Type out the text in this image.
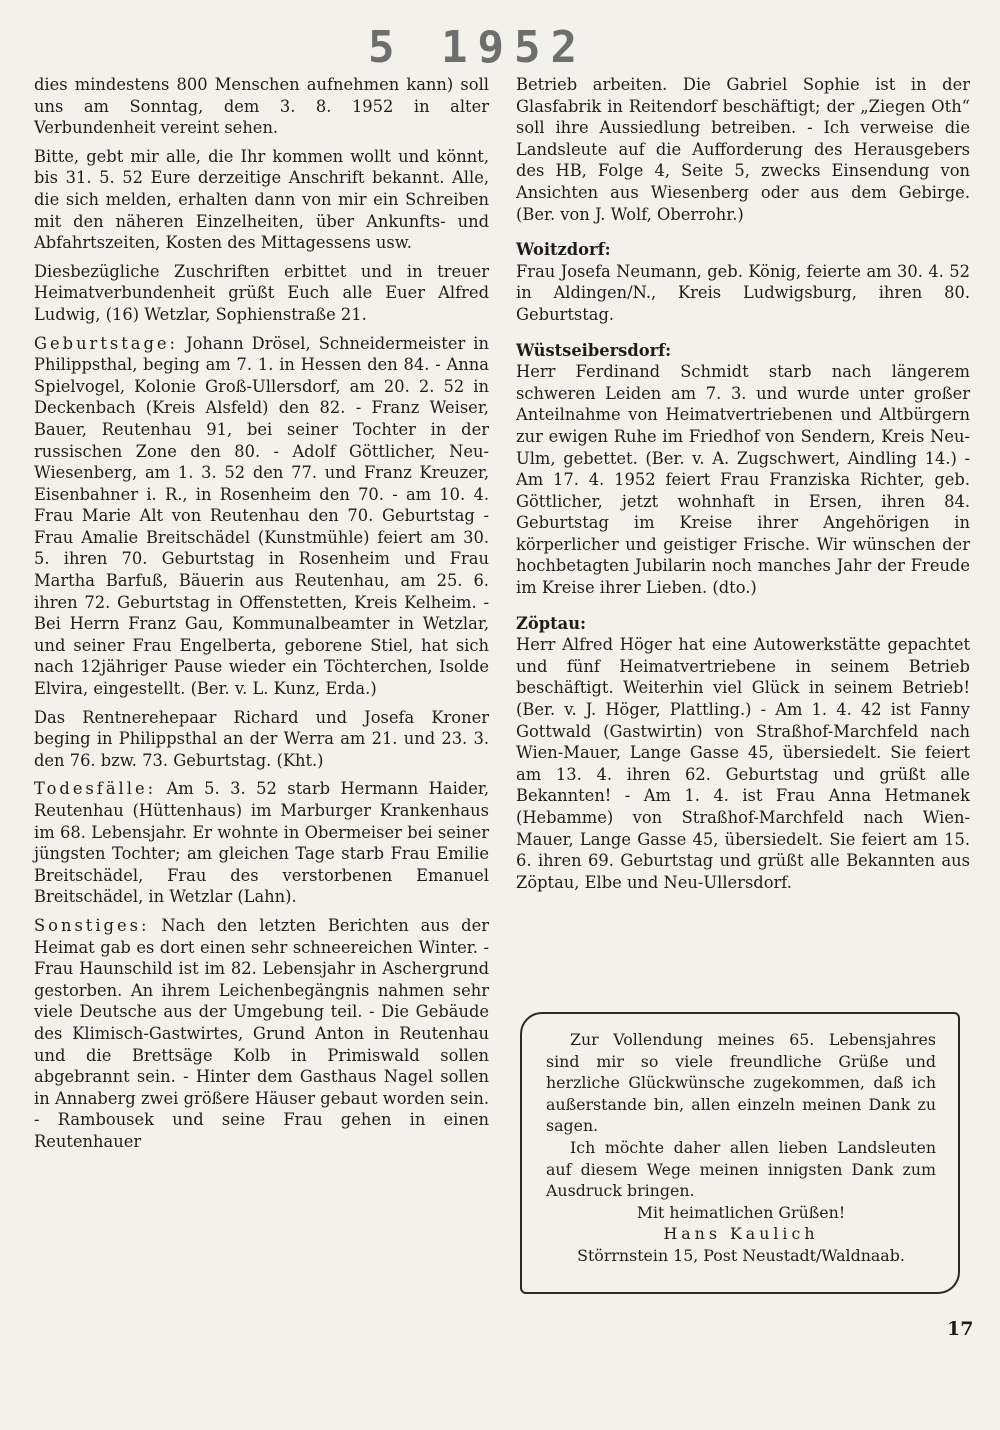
5 1952

dies mindestens 800 Menschen aufnehmen kann) soll uns am Sonntag, dem 3. 8. 1952 in alter Verbundenheit vereint sehen.

Bitte, gebt mir alle, die Ihr kommen wollt und könnt, bis 31. 5. 52 Eure derzeitige Anschrift bekannt. Alle, die sich melden, erhalten dann von mir ein Schreiben mit den näheren Einzelheiten, über Ankunfts- und Abfahrtszeiten, Kosten des Mittagessens usw.

Diesbezügliche Zuschriften erbittet und in treuer Heimatverbundenheit grüßt Euch alle Euer Alfred Ludwig, (16) Wetzlar, Sophienstraße 21.

Geburtstage: Johann Drösel, Schneidermeister in Philippsthal, beging am 7. 1. in Hessen den 84. - Anna Spielvogel, Kolonie Groß-Ullersdorf, am 20. 2. 52 in Deckenbach (Kreis Alsfeld) den 82. - Franz Weiser, Bauer, Reutenhau 91, bei seiner Tochter in der russischen Zone den 80. - Adolf Göttlicher, Neu-Wiesenberg, am 1. 3. 52 den 77. und Franz Kreuzer, Eisenbahner i. R., in Rosenheim den 70. - am 10. 4. Frau Marie Alt von Reutenhau den 70. Geburtstag - Frau Amalie Breitschädel (Kunstmühle) feiert am 30. 5. ihren 70. Geburtstag in Rosenheim und Frau Martha Barfuß, Bäuerin aus Reutenhau, am 25. 6. ihren 72. Geburtstag in Offenstetten, Kreis Kelheim. - Bei Herrn Franz Gau, Kommunalbeamter in Wetzlar, und seiner Frau Engelberta, geborene Stiel, hat sich nach 12jähriger Pause wieder ein Töchterchen, Isolde Elvira, eingestellt. (Ber. v. L. Kunz, Erda.)

Das Rentnerehepaar Richard und Josefa Kroner beging in Philippsthal an der Werra am 21. und 23. 3. den 76. bzw. 73. Geburtstag. (Kht.)

Todesfälle: Am 5. 3. 52 starb Hermann Haider, Reutenhau (Hüttenhaus) im Marburger Krankenhaus im 68. Lebensjahr. Er wohnte in Obermeiser bei seiner jüngsten Tochter; am gleichen Tage starb Frau Emilie Breitschädel, Frau des verstorbenen Emanuel Breitschädel, in Wetzlar (Lahn).

Sonstiges: Nach den letzten Berichten aus der Heimat gab es dort einen sehr schneereichen Winter. - Frau Haunschild ist im 82. Lebensjahr in Aschergrund gestorben. An ihrem Leichenbegängnis nahmen sehr viele Deutsche aus der Umgebung teil. - Die Gebäude des Klimisch-Gastwirtes, Grund Anton in Reutenhau und die Brettsäge Kolb in Primiswald sollen abgebrannt sein. - Hinter dem Gasthaus Nagel sollen in Annaberg zwei größere Häuser gebaut worden sein. - Rambousek und seine Frau gehen in einen Reutenhauer

Betrieb arbeiten. Die Gabriel Sophie ist in der Glasfabrik in Reitendorf beschäftigt; der „Ziegen Oth“ soll ihre Aussiedlung betreiben. - Ich verweise die Landsleute auf die Aufforderung des Herausgebers des HB, Folge 4, Seite 5, zwecks Einsendung von Ansichten aus Wiesenberg oder aus dem Gebirge. (Ber. von J. Wolf, Oberrohr.)

Woitzdorf:

Frau Josefa Neumann, geb. König, feierte am 30. 4. 52 in Aldingen/N., Kreis Ludwigsburg, ihren 80. Geburtstag.

Wüstseibersdorf:

Herr Ferdinand Schmidt starb nach längerem schweren Leiden am 7. 3. und wurde unter großer Anteilnahme von Heimatvertriebenen und Altbürgern zur ewigen Ruhe im Friedhof von Sendern, Kreis Neu-Ulm, gebettet. (Ber. v. A. Zugschwert, Aindling 14.) - Am 17. 4. 1952 feiert Frau Franziska Richter, geb. Göttlicher, jetzt wohnhaft in Ersen, ihren 84. Geburtstag im Kreise ihrer Angehörigen in körperlicher und geistiger Frische. Wir wünschen der hochbetagten Jubilarin noch manches Jahr der Freude im Kreise ihrer Lieben. (dto.)

Zöptau:

Herr Alfred Höger hat eine Autowerkstätte gepachtet und fünf Heimatvertriebene in seinem Betrieb beschäftigt. Weiterhin viel Glück in seinem Betrieb! (Ber. v. J. Höger, Plattling.) - Am 1. 4. 42 ist Fanny Gottwald (Gastwirtin) von Straßhof-Marchfeld nach Wien-Mauer, Lange Gasse 45, übersiedelt. Sie feiert am 13. 4. ihren 62. Geburtstag und grüßt alle Bekannten! - Am 1. 4. ist Frau Anna Hetmanek (Hebamme) von Straßhof-Marchfeld nach Wien-Mauer, Lange Gasse 45, übersiedelt. Sie feiert am 15. 6. ihren 69. Geburtstag und grüßt alle Bekannten aus Zöptau, Elbe und Neu-Ullersdorf.

Zur Vollendung meines 65. Lebensjahres sind mir so viele freundliche Grüße und herzliche Glückwünsche zugekommen, daß ich außerstande bin, allen einzeln meinen Dank zu sagen.

Ich möchte daher allen lieben Landsleuten auf diesem Wege meinen innigsten Dank zum Ausdruck bringen.

Mit heimatlichen Grüßen!

Hans Kaulich

Störrnstein 15, Post Neustadt/Waldnaab.

17
